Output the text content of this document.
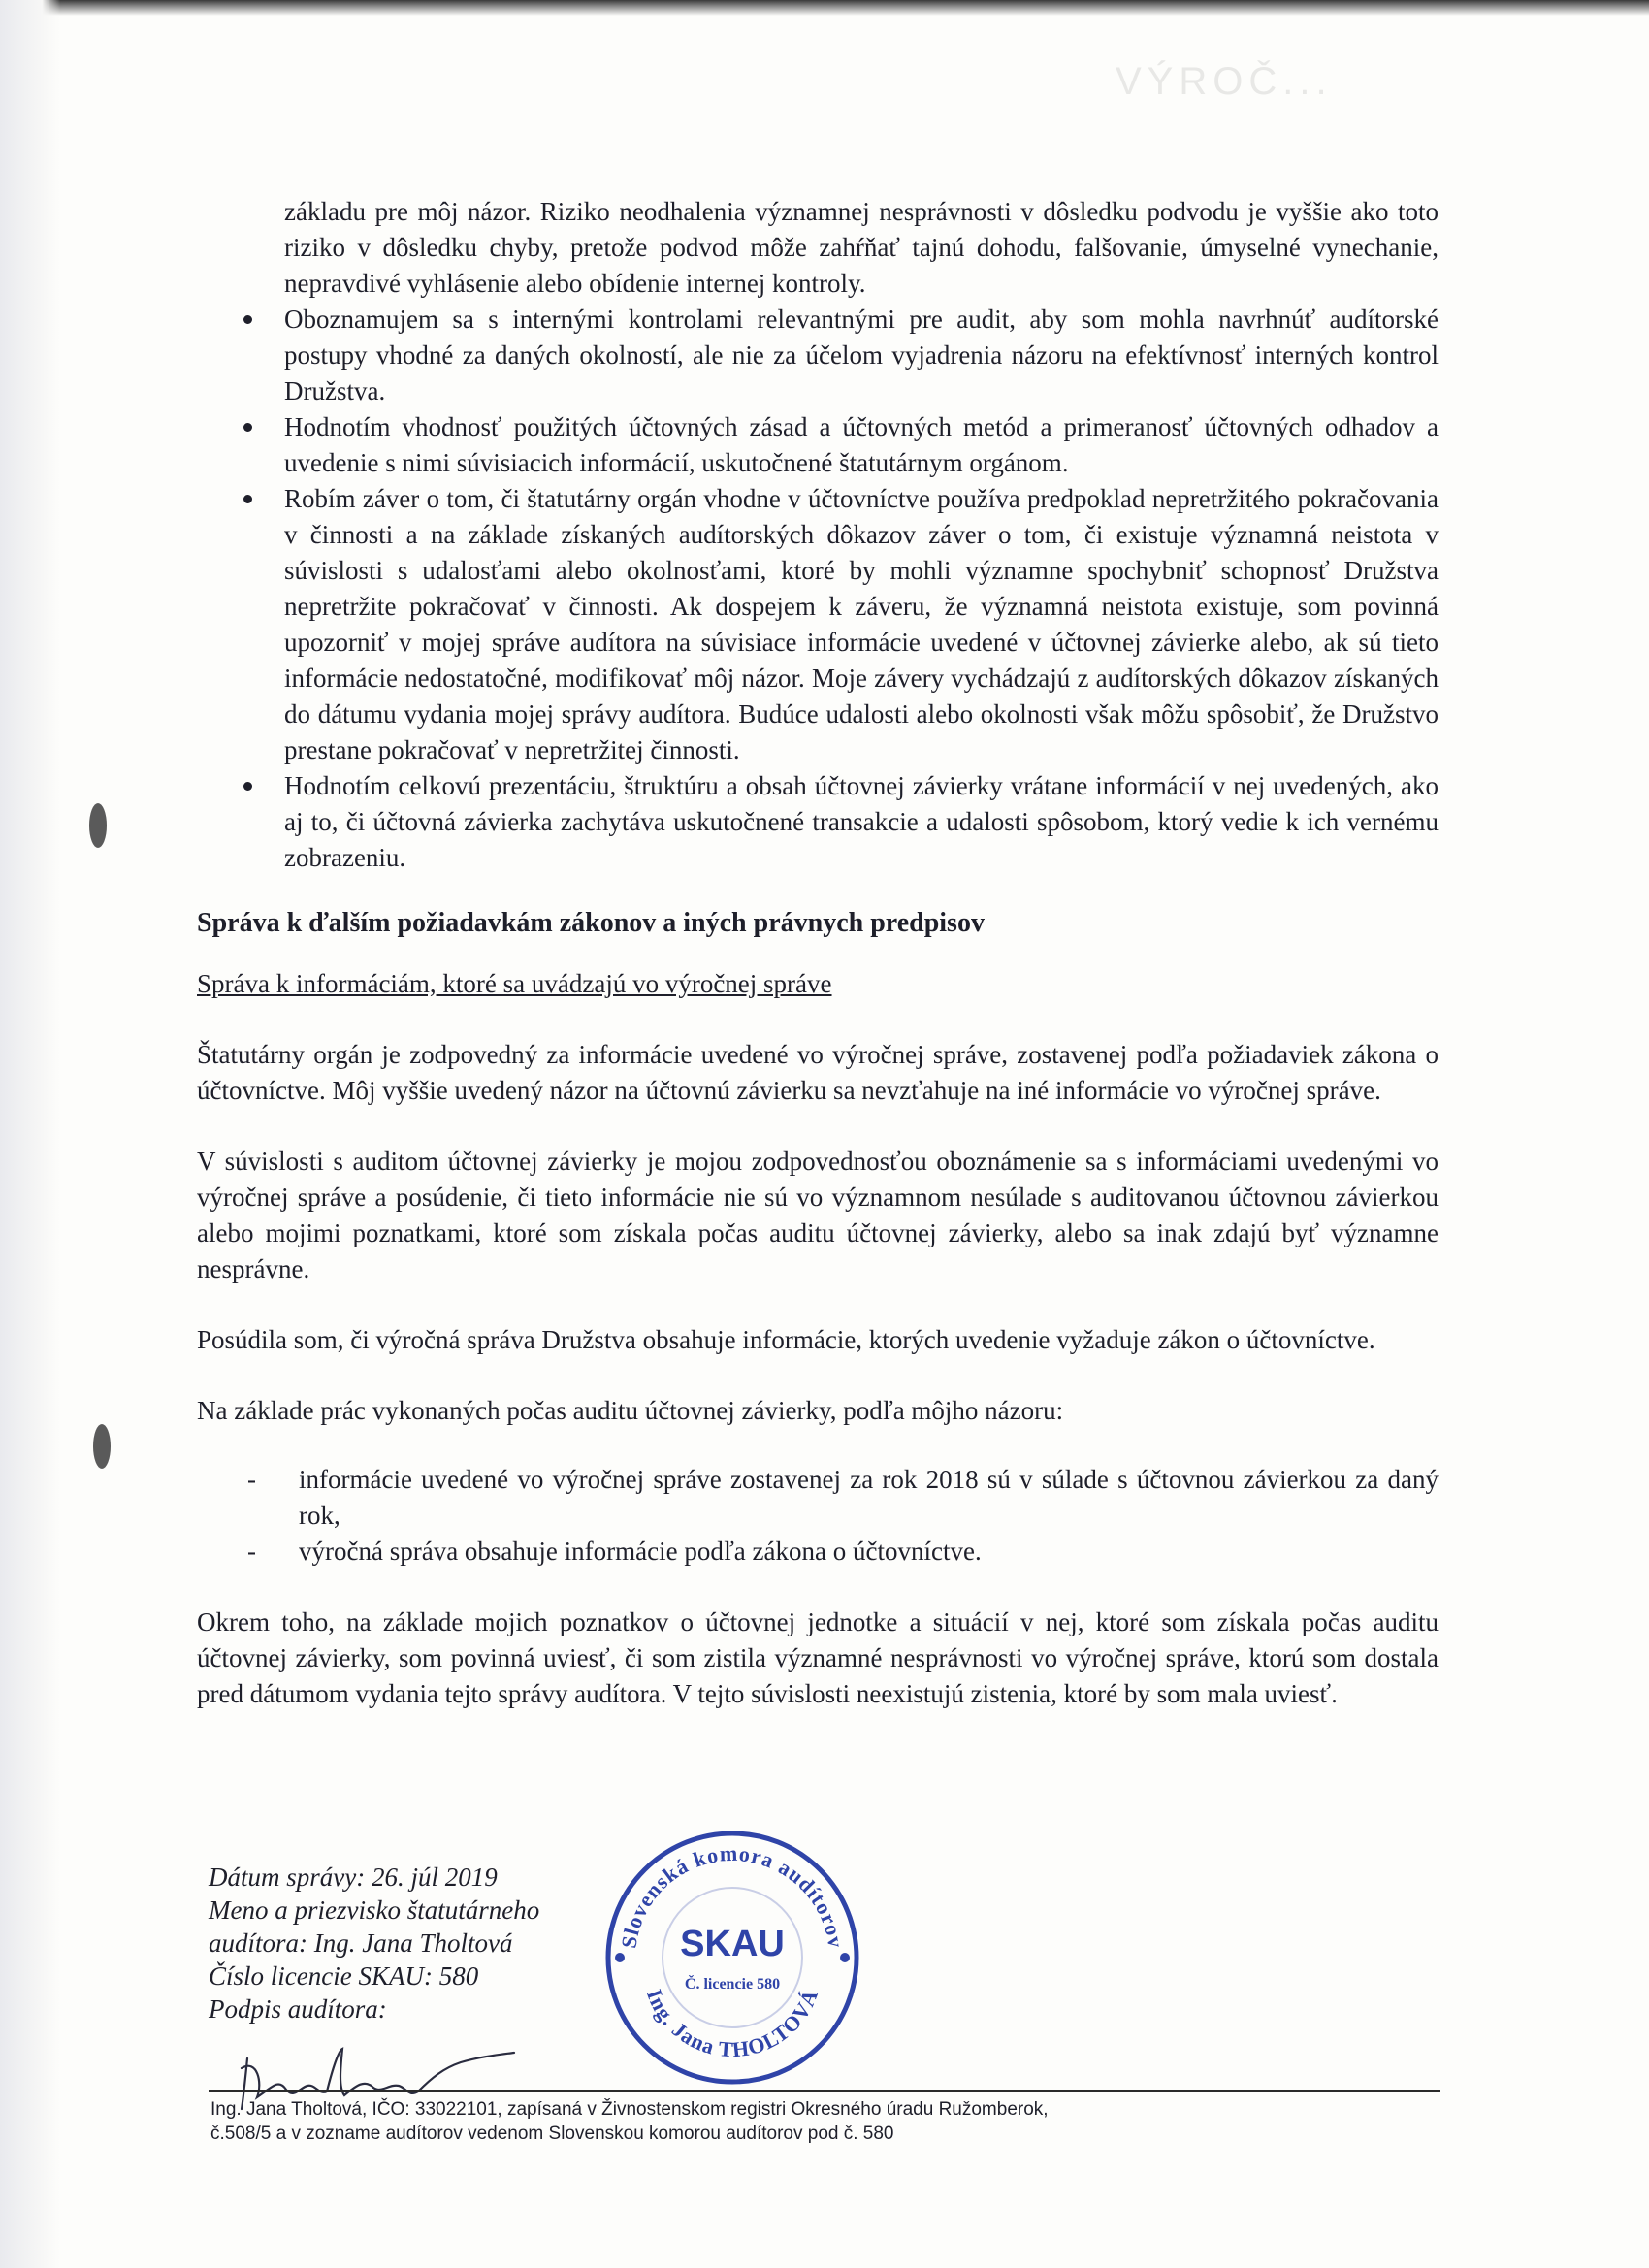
VÝROČ...

základu pre môj názor. Riziko neodhalenia významnej nesprávnosti v dôsledku podvodu je vyššie ako toto riziko v dôsledku chyby, pretože podvod môže zahŕňať tajnú dohodu, falšovanie, úmyselné vynechanie, nepravdivé vyhlásenie alebo obídenie internej kontroly.

Oboznamujem sa s internými kontrolami relevantnými pre audit, aby som mohla navrhnúť audítorské postupy vhodné za daných okolností, ale nie za účelom vyjadrenia názoru na efektívnosť interných kontrol Družstva.
Hodnotím vhodnosť použitých účtovných zásad a účtovných metód a primeranosť účtovných odhadov a uvedenie s nimi súvisiacich informácií, uskutočnené štatutárnym orgánom.
Robím záver o tom, či štatutárny orgán vhodne v účtovníctve používa predpoklad nepretržitého pokračovania v činnosti a na základe získaných audítorských dôkazov záver o tom, či existuje významná neistota v súvislosti s udalosťami alebo okolnosťami, ktoré by mohli významne spochybniť schopnosť Družstva nepretržite pokračovať v činnosti. Ak dospejem k záveru, že významná neistota existuje, som povinná upozorniť v mojej správe audítora na súvisiace informácie uvedené v účtovnej závierke alebo, ak sú tieto informácie nedostatočné, modifikovať môj názor. Moje závery vychádzajú z audítorských dôkazov získaných do dátumu vydania mojej správy audítora. Budúce udalosti alebo okolnosti však môžu spôsobiť, že Družstvo prestane pokračovať v nepretržitej činnosti.
Hodnotím celkovú prezentáciu, štruktúru a obsah účtovnej závierky vrátane informácií v nej uvedených, ako aj to, či účtovná závierka zachytáva uskutočnené transakcie a udalosti spôsobom, ktorý vedie k ich vernému zobrazeniu.

Správa k ďalším požiadavkám zákonov a iných právnych predpisov

Správa k informáciám, ktoré sa uvádzajú vo výročnej správe

Štatutárny orgán je zodpovedný za informácie uvedené vo výročnej správe, zostavenej podľa požiadaviek zákona o účtovníctve. Môj vyššie uvedený názor na účtovnú závierku sa nevzťahuje na iné informácie vo výročnej správe.

V súvislosti s auditom účtovnej závierky je mojou zodpovednosťou oboznámenie sa s informáciami uvedenými vo výročnej správe a posúdenie, či tieto informácie nie sú vo významnom nesúlade s auditovanou účtovnou závierkou alebo mojimi poznatkami, ktoré som získala počas auditu účtovnej závierky, alebo sa inak zdajú byť významne nesprávne.

Posúdila som, či výročná správa Družstva obsahuje informácie, ktorých uvedenie vyžaduje zákon o účtovníctve.

Na základe prác vykonaných počas auditu účtovnej závierky, podľa môjho názoru:

- informácie uvedené vo výročnej správe zostavenej za rok 2018 sú v súlade s účtovnou závierkou za daný rok,
- výročná správa obsahuje informácie podľa zákona o účtovníctve.

Okrem toho, na základe mojich poznatkov o účtovnej jednotke a situácií v nej, ktoré som získala počas auditu účtovnej závierky, som povinná uviesť, či som zistila významné nesprávnosti vo výročnej správe, ktorú som dostala pred dátumom vydania tejto správy audítora. V tejto súvislosti neexistujú zistenia, ktoré by som mala uviesť.

Dátum správy: 26. júl 2019
Meno a priezvisko štatutárneho
audítora: Ing. Jana Tholtová
Číslo licencie SKAU: 580
Podpis audítora:
Slovenská komora audítorov
Ing. Jana THOLTOVÁ
SKAU
Č. licencie 580
Ing. Jana Tholtová, IČO: 33022101, zapísaná v Živnostenskom registri Okresného úradu Ružomberok,
č.508/5 a v zozname audítorov vedenom Slovenskou komorou audítorov pod č. 580
